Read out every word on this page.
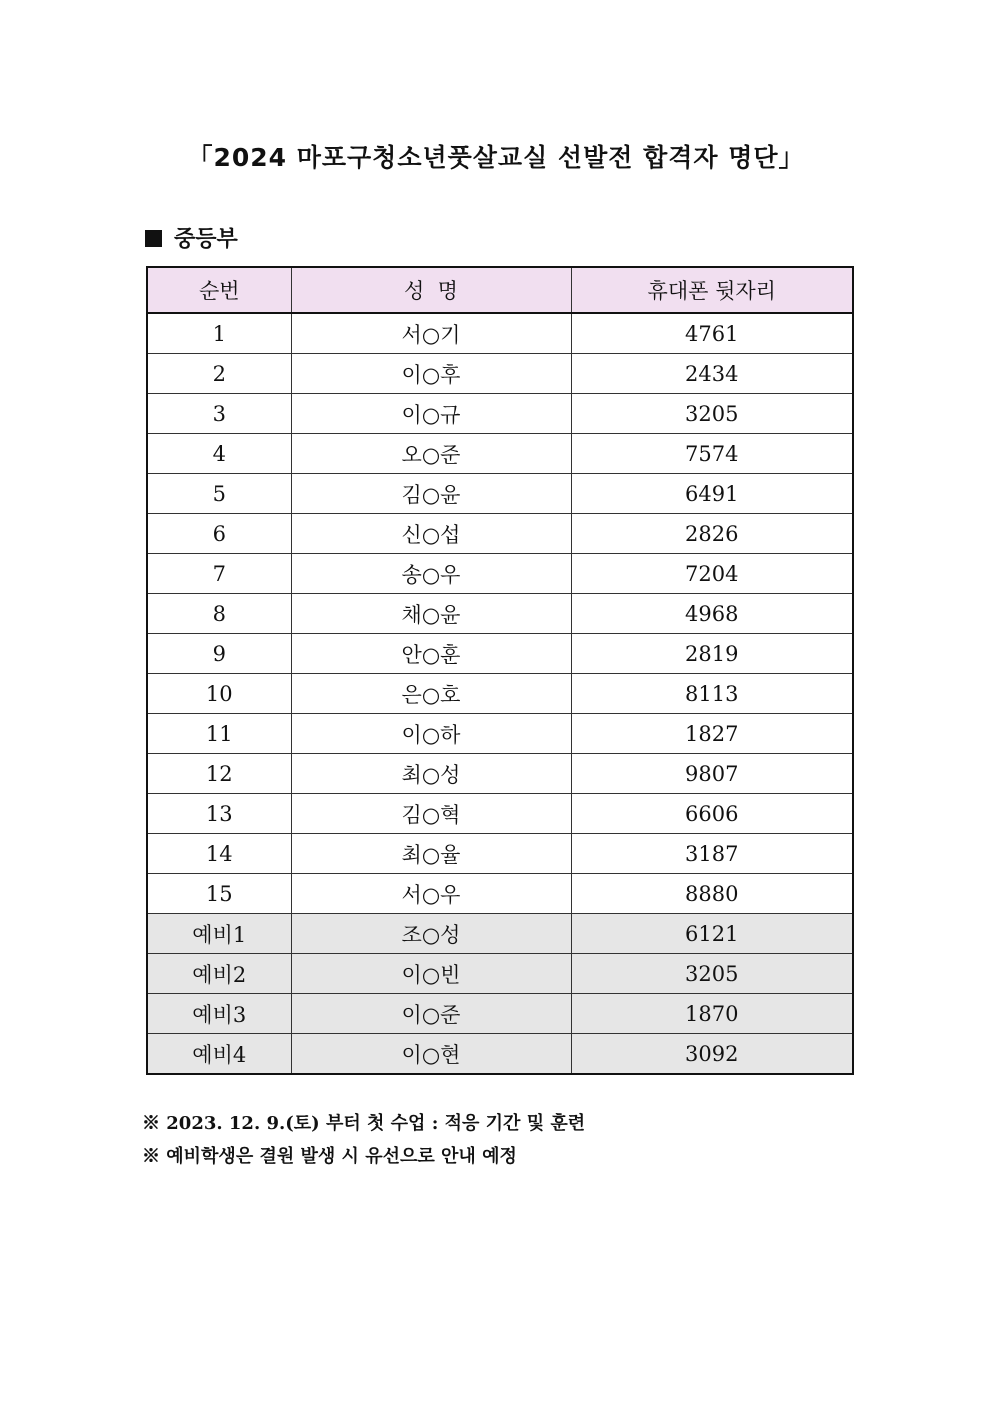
「2024 마포구청소년풋살교실 선발전 합격자 명단」
중등부
순번	성  명	휴대폰 뒷자리
1	서○기	4761
2	이○후	2434
3	이○규	3205
4	오○준	7574
5	김○윤	6491
6	신○섭	2826
7	송○우	7204
8	채○윤	4968
9	안○훈	2819
10	은○호	8113
11	이○하	1827
12	최○성	9807
13	김○혁	6606
14	최○율	3187
15	서○우	8880
예비1	조○성	6121
예비2	이○빈	3205
예비3	이○준	1870
예비4	이○현	3092
※ 2023. 12. 9.(토) 부터 첫 수업 : 적응 기간 및 훈련
※ 예비학생은 결원 발생 시 유선으로 안내 예정
